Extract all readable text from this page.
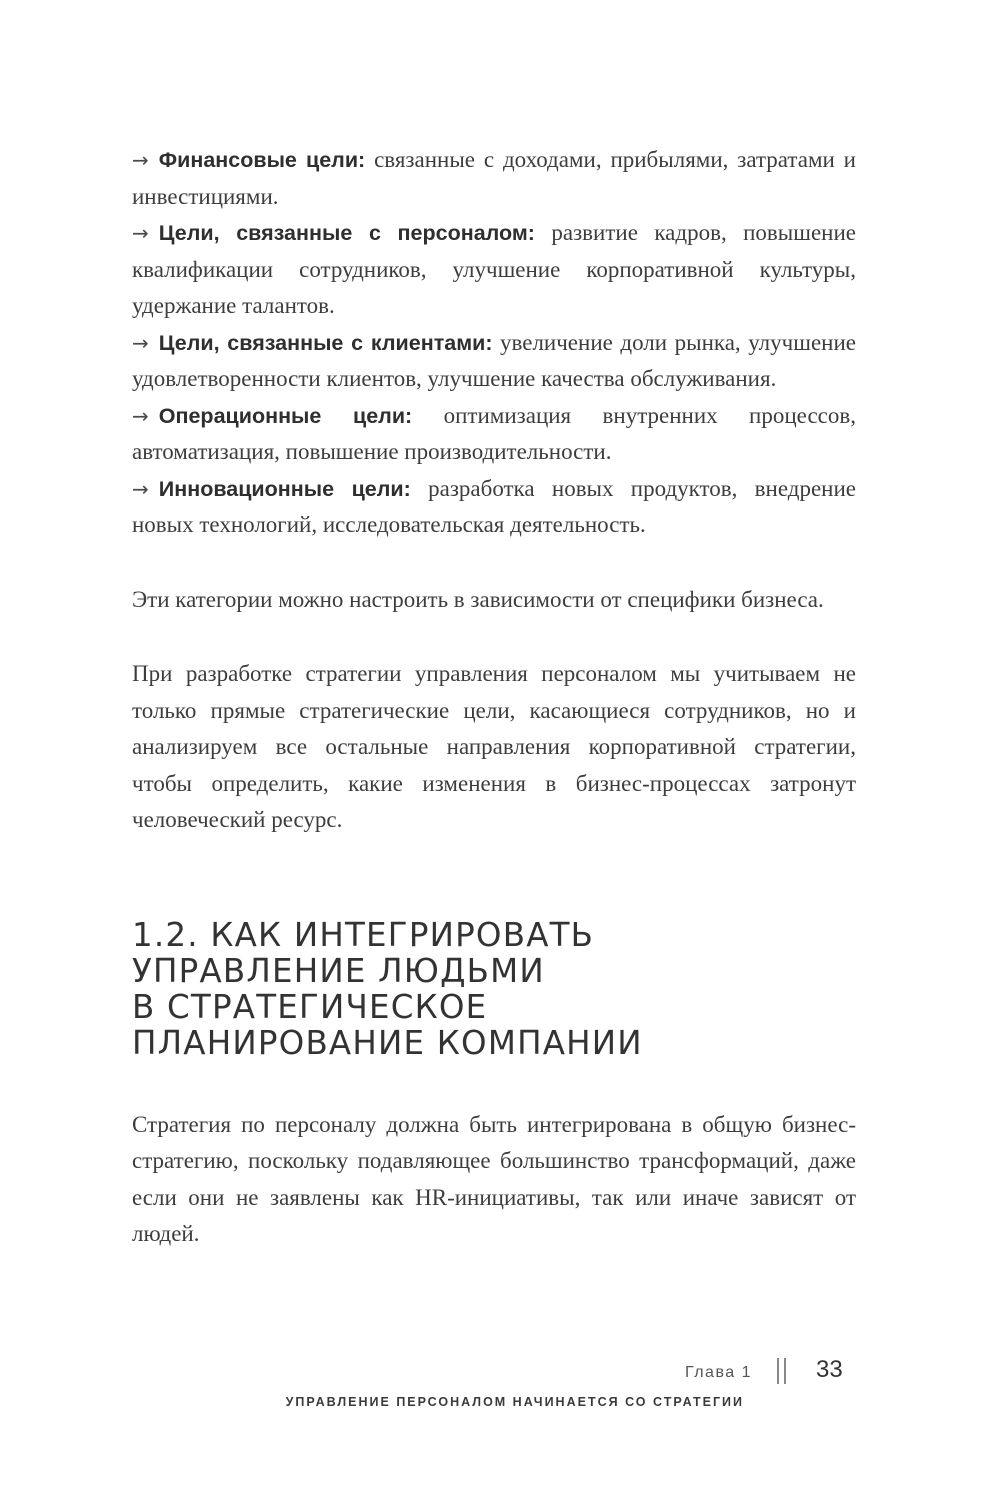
→ Финансовые цели: связанные с доходами, прибылями, затратами и инвестициями.
→ Цели, связанные с персоналом: развитие кадров, повышение квалификации сотрудников, улучшение корпоративной культуры, удержание талантов.
→ Цели, связанные с клиентами: увеличение доли рынка, улучшение удовлетворенности клиентов, улучшение качества обслуживания.
→ Операционные цели: оптимизация внутренних процессов, автоматизация, повышение производительности.
→ Инновационные цели: разработка новых продуктов, внедрение новых технологий, исследовательская деятельность.

Эти категории можно настроить в зависимости от специфики бизнеса.

При разработке стратегии управления персоналом мы учитываем не только прямые стратегические цели, касающиеся сотрудников, но и анализируем все остальные направления корпоративной стратегии, чтобы определить, какие изменения в бизнес-процессах затронут человеческий ресурс.

1.2. КАК ИНТЕГРИРОВАТЬ
УПРАВЛЕНИЕ ЛЮДЬМИ
В СТРАТЕГИЧЕСКОЕ
ПЛАНИРОВАНИЕ КОМПАНИИ

Стратегия по персоналу должна быть интегрирована в общую бизнес-стратегию, поскольку подавляющее большинство трансформаций, даже если они не заявлены как HR-инициативы, так или иначе зависят от людей.

Глава 1	33
УПРАВЛЕНИЕ ПЕРСОНАЛОМ НАЧИНАЕТСЯ СО СТРАТЕГИИ
